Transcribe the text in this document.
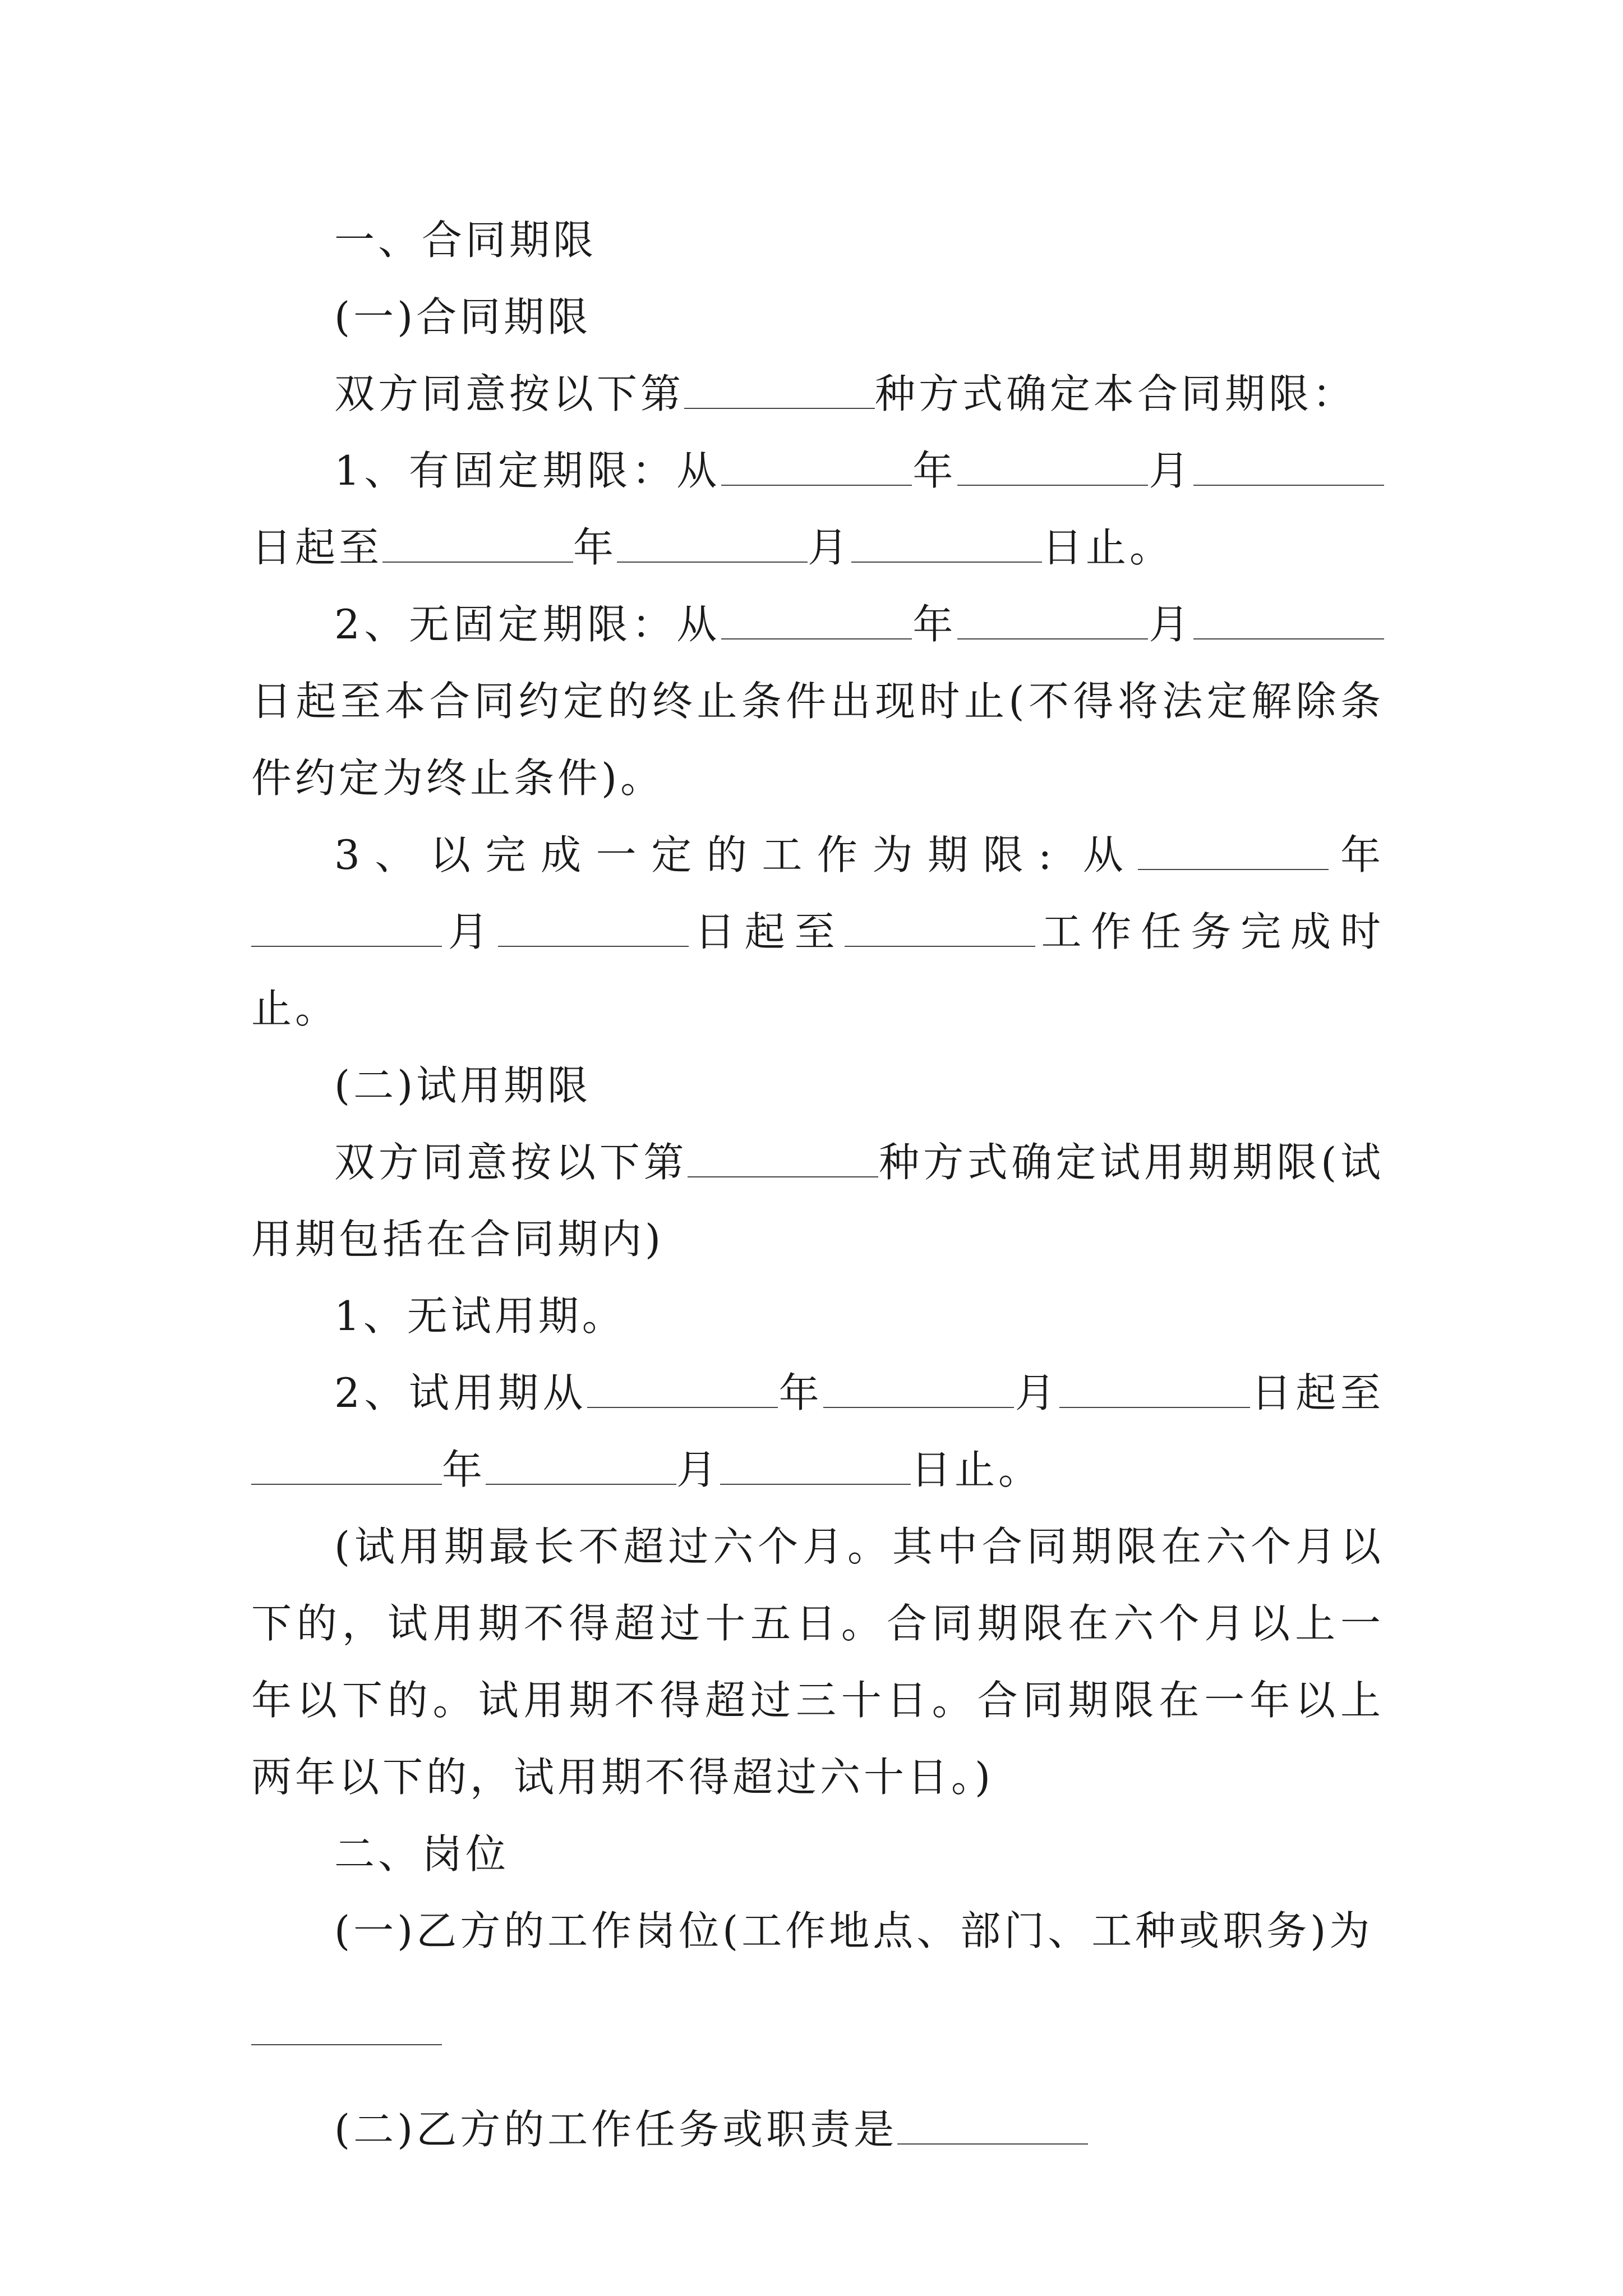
一、合同期限

(一)合同期限

双方同意按以下第	种方式确定本合同期限：

1、有固定期限：从	年	月日起至	年	月	日止。

2、无固定期限：从	年	月日起至本合同约定的终止条件出现时止(不得将法定解除条件约定为终止条件)。

3、以完成一定的工作为期限: 从	年月	日起至	工作任务完成时止。

(二)试用期限

双方同意按以下第	种方式确定试用期期限(试用期包括在合同期内)

1、无试用期。

2、试用期从	年	月	日起至年	月	日止。

(试用期最长不超过六个月。其中合同期限在六个月以下的，试用期不得超过十五日。合同期限在六个月以上一年以下的。试用期不得超过三十日。合同期限在一年以上两年以下的，试用期不得超过六十日。)

二、岗位

(一)乙方的工作岗位(工作地点、部门、工种或职务)为

(二)乙方的工作任务或职责是
